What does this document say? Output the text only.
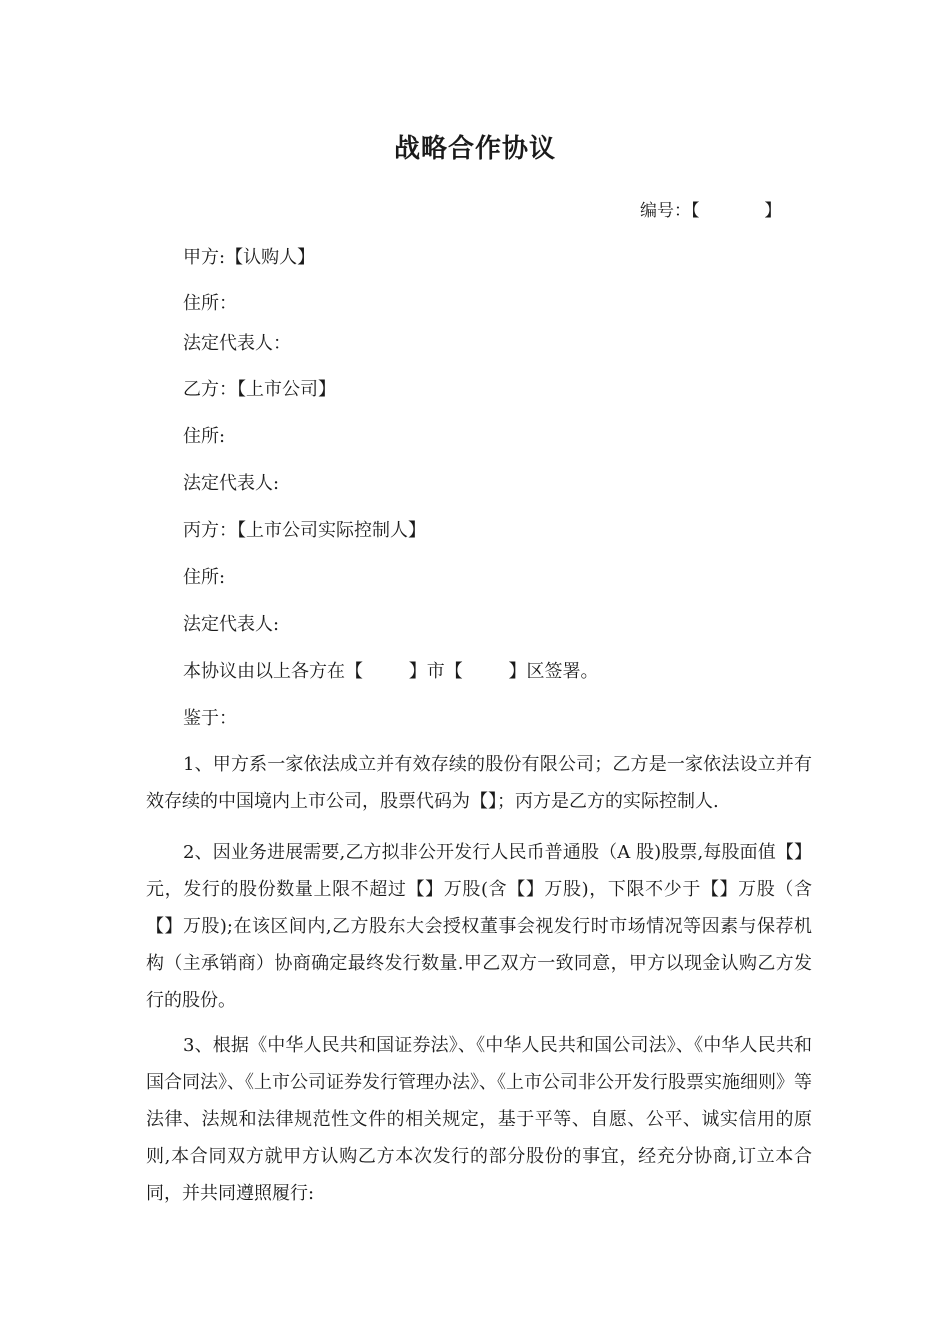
战略合作协议
编号：【            】
甲方:【认购人】
住所：
法定代表人：
乙方：【上市公司】
住所:
法定代表人:
丙方：【上市公司实际控制人】
住所:
法定代表人:
本协议由以上各方在【        】市【        】区签署。
鉴于：

1、甲方系一家依法成立并有效存续的股份有限公司；乙方是一家依法设立并有效存续的中国境内上市公司，股票代码为【】；丙方是乙方的实际控制人.

2、因业务进展需要,乙方拟非公开发行人民币普通股（A 股)股票,每股面值【】元，发行的股份数量上限不超过【】万股(含【】万股)，下限不少于【】万股（含【】万股);在该区间内,乙方股东大会授权董事会视发行时市场情况等因素与保荐机构（主承销商）协商确定最终发行数量.甲乙双方一致同意，甲方以现金认购乙方发行的股份。

3、根据《中华人民共和国证券法》、《中华人民共和国公司法》、《中华人民共和国合同法》、《上市公司证券发行管理办法》、《上市公司非公开发行股票实施细则》等法律、法规和法律规范性文件的相关规定，基于平等、自愿、公平、诚实信用的原则,本合同双方就甲方认购乙方本次发行的部分股份的事宜，经充分协商,订立本合同，并共同遵照履行:
